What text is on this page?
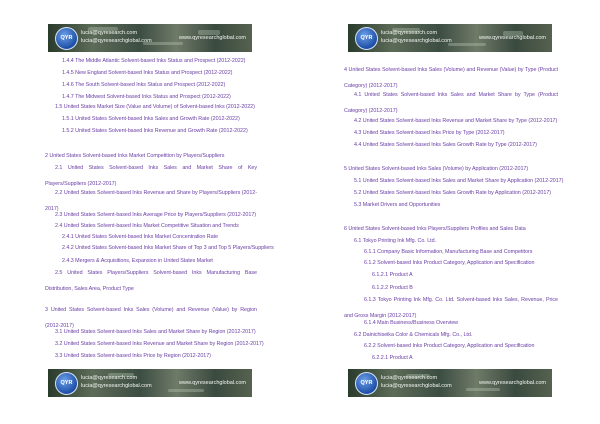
QYR
lucia@qyresearch.com
lucia@qyresearchglobal.com	www.qyresearchglobal.com
1.4.4 The Middle Atlantic Solvent-based Inks Status and Prospect (2012-2022)
1.4.5 New England Solvent-based Inks Status and Prospect (2012-2022)
1.4.6 The South Solvent-based Inks Status and Prospect (2012-2022)
1.4.7 The Midwest Solvent-based Inks Status and Prospect (2012-2022)
1.5 United States Market Size (Value and Volume) of Solvent-based Inks (2012-2022)
1.5.1 United States Solvent-based Inks Sales and Growth Rate (2012-2022)
1.5.2 United States Solvent-based Inks Revenue and Growth Rate (2012-2022)
2 United States Solvent-based Inks Market Competition by Players/Suppliers
2.1 United States Solvent-based Inks Sales and Market Share of Key Players/Suppliers (2012-2017)
2.2 United States Solvent-based Inks Revenue and Share by Players/Suppliers (2012-2017)
2.3 United States Solvent-based Inks Average Price by Players/Suppliers (2012-2017)
2.4 United States Solvent-based Inks Market Competitive Situation and Trends
2.4.1 United States Solvent-based Inks Market Concentration Rate
2.4.2 United States Solvent-based Inks Market Share of Top 3 and Top 5 Players/Suppliers
2.4.3 Mergers & Acquisitions, Expansion in United States Market
2.5 United States Players/Suppliers Solvent-based Inks Manufacturing Base Distribution, Sales Area, Product Type
3 United States Solvent-based Inks Sales (Volume) and Revenue (Value) by Region (2012-2017)
3.1 United States Solvent-based Inks Sales and Market Share by Region (2012-2017)
3.2 United States Solvent-based Inks Revenue and Market Share by Region (2012-2017)
3.3 United States Solvent-based Inks Price by Region (2012-2017)
QYR
lucia@qyresearch.com
lucia@qyresearchglobal.com	www.qyresearchglobal.com
QYR
lucia@qyresearch.com
lucia@qyresearchglobal.com	www.qyresearchglobal.com
4 United States Solvent-based Inks Sales (Volume) and Revenue (Value) by Type (Product Category) (2012-2017)
4.1 United States Solvent-based Inks Sales and Market Share by Type (Product Category) (2012-2017)
4.2 United States Solvent-based Inks Revenue and Market Share by Type (2012-2017)
4.3 United States Solvent-based Inks Price by Type (2012-2017)
4.4 United States Solvent-based Inks Sales Growth Rate by Type (2012-2017)
5 United States Solvent-based Inks Sales (Volume) by Application (2012-2017)
5.1 United States Solvent-based Inks Sales and Market Share by Application (2012-2017)
5.2 United States Solvent-based Inks Sales Growth Rate by Application (2012-2017)
5.3 Market Drivers and Opportunities
6 United States Solvent-based Inks Players/Suppliers Profiles and Sales Data
6.1 Tokyo Printing Ink Mfg. Co. Ltd.
6.1.1 Company Basic Information, Manufacturing Base and Competitors
6.1.2 Solvent-based Inks Product Category, Application and Specification
6.1.2.1 Product A
6.1.2.2 Product B
6.1.3 Tokyo Printing Ink Mfg. Co. Ltd. Solvent-based Inks Sales, Revenue, Price and Gross Margin (2012-2017)
6.1.4 Main Business/Business Overview
6.2 Dainichiseika Color & Chemicals Mfg. Co., Ltd.
6.2.2 Solvent-based Inks Product Category, Application and Specification
6.2.2.1 Product A
QYR
lucia@qyresearch.com
lucia@qyresearchglobal.com	www.qyresearchglobal.com
